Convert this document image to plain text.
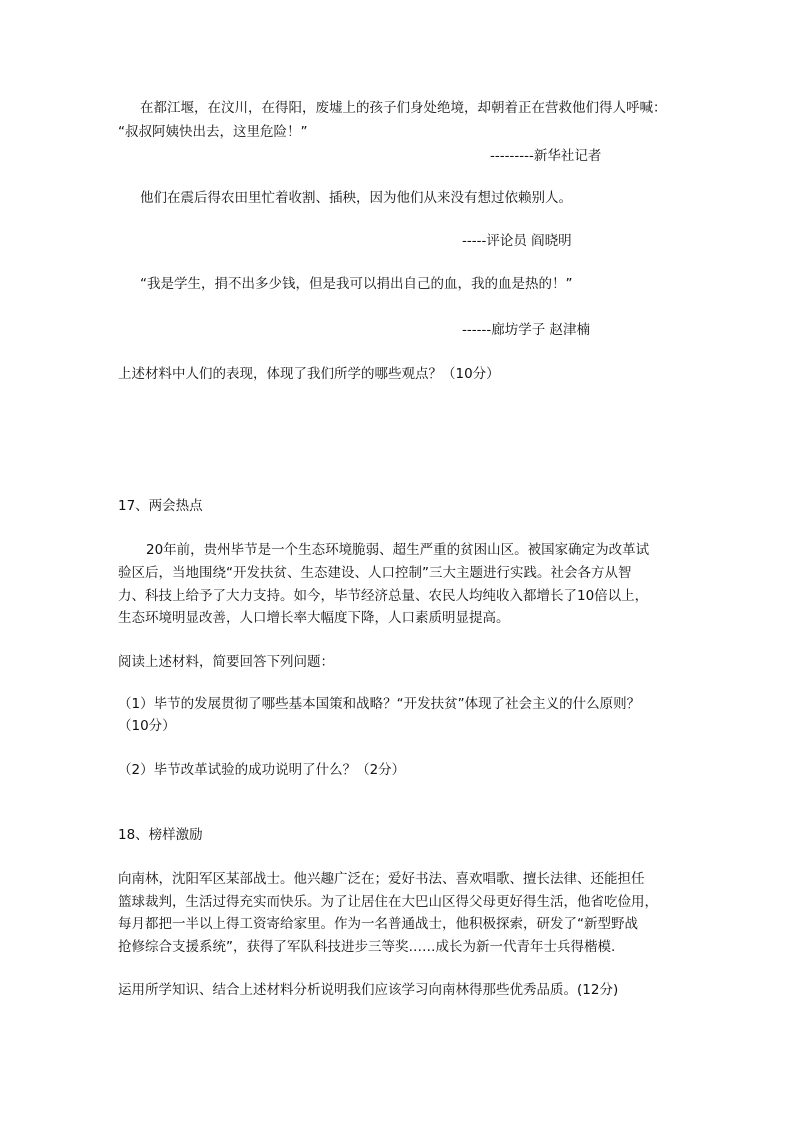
在都江堰，在汶川，在得阳，废墟上的孩子们身处绝境，却朝着正在营救他们得人呼喊：
“叔叔阿姨快出去，这里危险！”
---------新华社记者
他们在震后得农田里忙着收割、插秧，因为他们从来没有想过依赖别人。
-----评论员 阎晓明
“我是学生，捐不出多少钱，但是我可以捐出自己的血，我的血是热的！”
------廊坊学子 赵津楠
上述材料中人们的表现，体现了我们所学的哪些观点？（10分）
17、两会热点
20年前，贵州毕节是一个生态环境脆弱、超生严重的贫困山区。被国家确定为改革试
验区后，当地围绕“开发扶贫、生态建设、人口控制”三大主题进行实践。社会各方从智
力、科技上给予了大力支持。如今，毕节经济总量、农民人均纯收入都增长了10倍以上，
生态环境明显改善，人口增长率大幅度下降，人口素质明显提高。
阅读上述材料，简要回答下列问题：
（1）毕节的发展贯彻了哪些基本国策和战略？“开发扶贫”体现了社会主义的什么原则？
（10分）
（2）毕节改革试验的成功说明了什么？（2分）
18、榜样激励
向南林，沈阳军区某部战士。他兴趣广泛在；爱好书法、喜欢唱歌、擅长法律、还能担任
篮球裁判，生活过得充实而快乐。为了让居住在大巴山区得父母更好得生活，他省吃俭用，
每月都把一半以上得工资寄给家里。作为一名普通战士，他积极探索，研发了“新型野战
抢修综合支援系统”，获得了军队科技进步三等奖……成长为新一代青年士兵得楷模.
运用所学知识、结合上述材料分析说明我们应该学习向南林得那些优秀品质。(12分)
